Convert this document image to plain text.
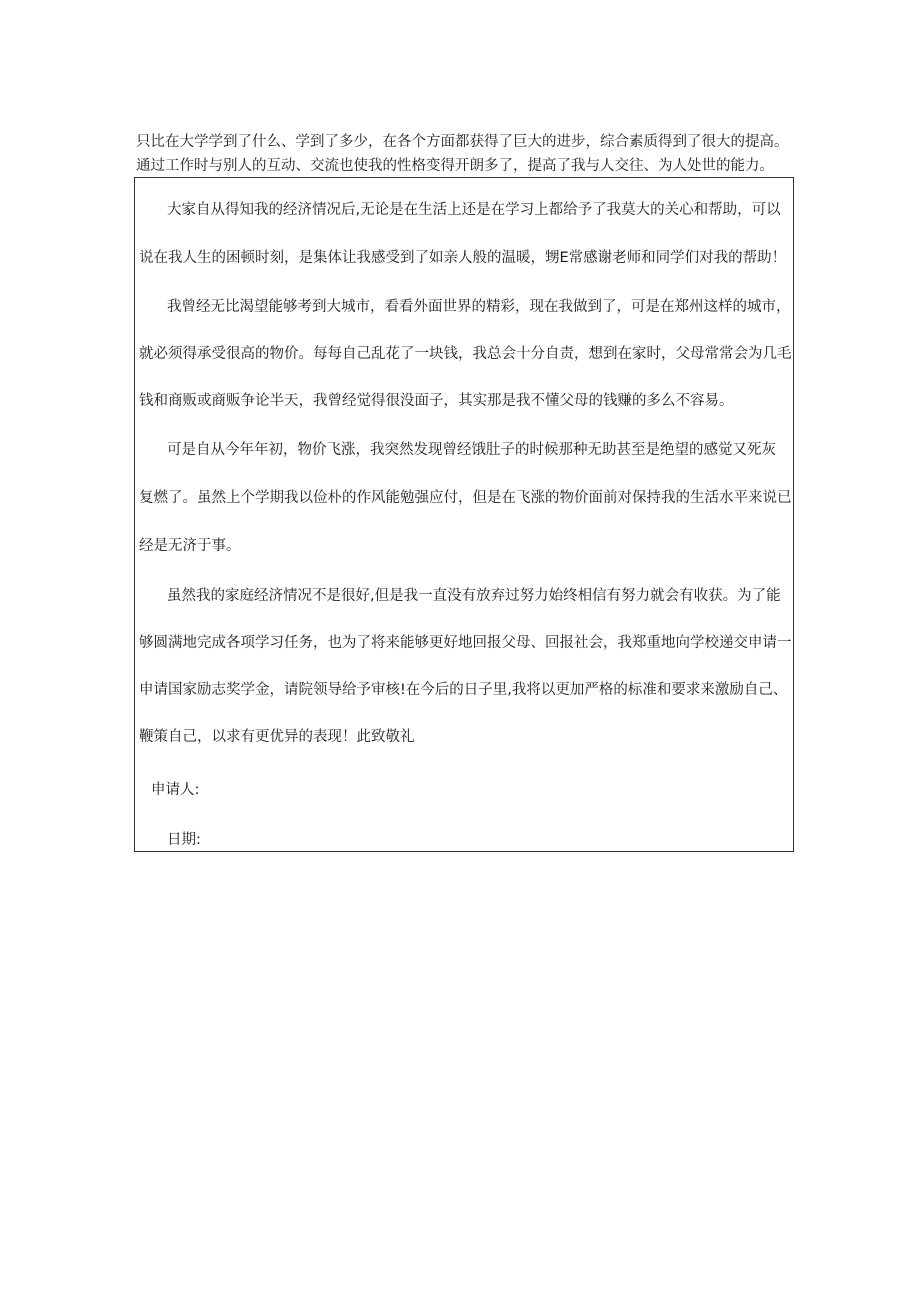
只比在大学学到了什么、学到了多少，在各个方面都获得了巨大的进步，综合素质得到了很大的提高。
通过工作时与别人的互动、交流也使我的性格变得开朗多了，提高了我与人交往、为人处世的能力。
大家自从得知我的经济情况后,无论是在生活上还是在学习上都给予了我莫大的关心和帮助，可以
说在我人生的困顿时刻，是集体让我感受到了如亲人般的温暖，甥E常感谢老师和同学们对我的帮助！
我曾经无比渴望能够考到大城市，看看外面世界的精彩，现在我做到了，可是在郑州这样的城市，
就必须得承受很高的物价。每每自己乱花了一块钱，我总会十分自责，想到在家时，父母常常会为几毛
钱和商贩或商贩争论半天，我曾经觉得很没面子，其实那是我不懂父母的钱赚的多么不容易。
可是自从今年年初，物价飞涨，我突然发现曾经饿肚子的时候那种无助甚至是绝望的感觉又死灰
复燃了。虽然上个学期我以俭朴的作风能勉强应付，但是在飞涨的物价面前对保持我的生活水平来说已
经是无济于事。
虽然我的家庭经济情况不是很好,但是我一直没有放弃过努力始终相信有努力就会有收获。为了能
够圆满地完成各项学习任务，也为了将来能够更好地回报父母、回报社会，我郑重地向学校递交申请一
申请国家励志奖学金，请院领导给予审核!在今后的日子里,我将以更加严格的标准和要求来激励自己、
鞭策自己，以求有更优异的表现！此致敬礼
申请人:
日期:
